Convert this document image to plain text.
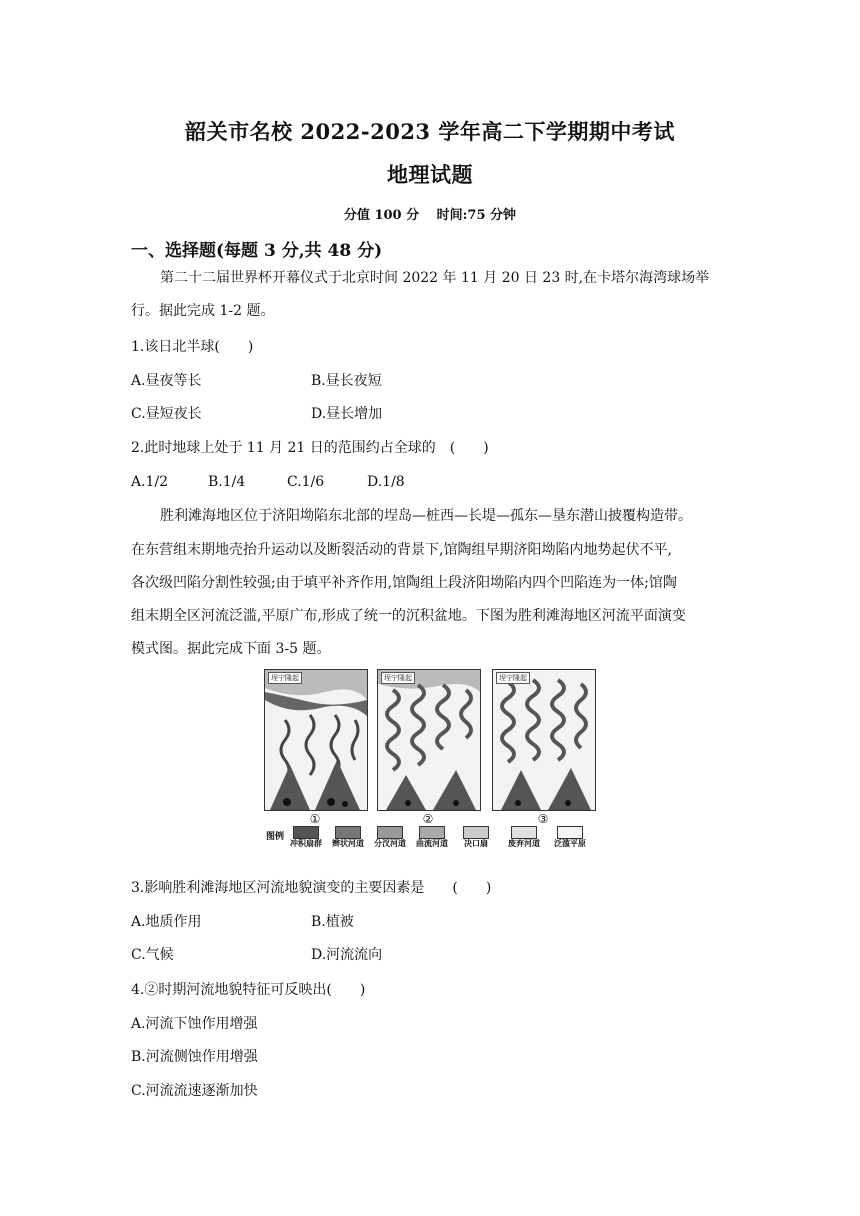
韶关市名校 2022-2023 学年高二下学期期中考试
地理试题
分值 100 分　 时间:75 分钟
一、选择题(每题 3 分,共 48 分)
第二十二届世界杯开幕仪式于北京时间 2022 年 11 月 20 日 23 时,在卡塔尔海湾球场举
行。据此完成 1-2 题。
1.该日北半球(　　)
A.昼夜等长	B.昼长夜短
C.昼短夜长	D.昼长增加
2.此时地球上处于 11 月 21 日的范围约占全球的　(　　)
A.1/2	B.1/4	C.1/6	D.1/8
胜利滩海地区位于济阳坳陷东北部的埕岛—桩西—长堤—孤东—垦东潜山披覆构造带。
在东营组末期地壳抬升运动以及断裂活动的背景下,馆陶组早期济阳坳陷内地势起伏不平,
各次级凹陷分割性较强;由于填平补齐作用,馆陶组上段济阳坳陷内四个凹陷连为一体;馆陶
组末期全区河流泛滥,平原广布,形成了统一的沉积盆地。下图为胜利滩海地区河流平面演变
模式图。据此完成下面 3-5 题。
埕宁隆起	埕宁隆起	埕宁隆起
①	②	③
图例
冲积扇群 辫状河道 分汊河道 曲流河道	决口扇	废弃河道 泛滥平原
3.影响胜利滩海地区河流地貌演变的主要因素是　　(　　)
A.地质作用	B.植被
C.气候	D.河流流向
4.②时期河流地貌特征可反映出(　　)
A.河流下蚀作用增强
B.河流侧蚀作用增强
C.河流流速逐渐加快
